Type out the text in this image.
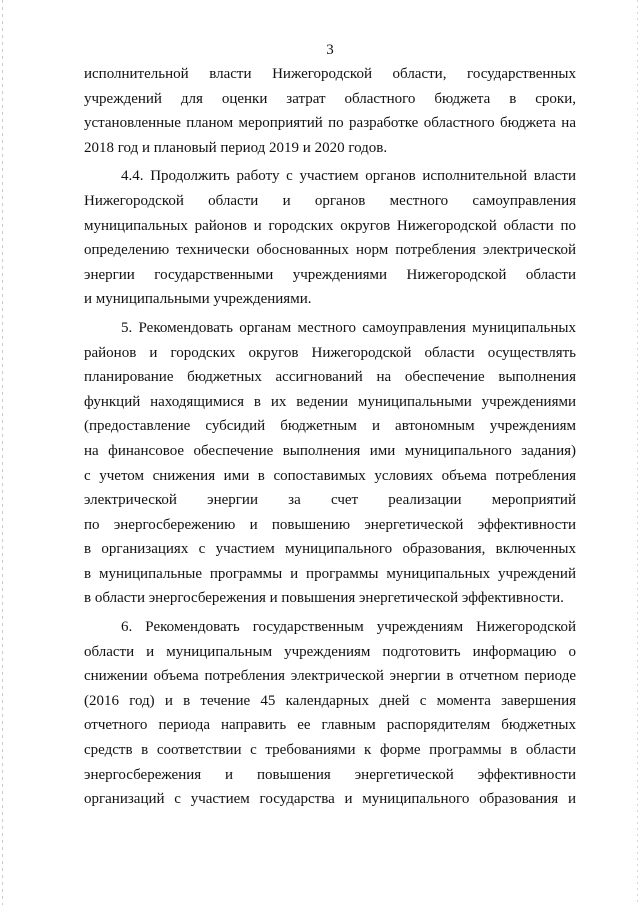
3
исполнительной власти Нижегородской области, государственных
учреждений для оценки затрат областного бюджета в сроки,
установленные планом мероприятий по разработке областного бюджета на
2018 год и плановый период 2019 и 2020 годов.
4.4. Продолжить работу с участием органов исполнительной власти
Нижегородской области и органов местного самоуправления
муниципальных районов и городских округов Нижегородской области по
определению технически обоснованных норм потребления электрической
энергии государственными учреждениями Нижегородской области
и муниципальными учреждениями.
5. Рекомендовать органам местного самоуправления муниципальных
районов и городских округов Нижегородской области осуществлять
планирование бюджетных ассигнований на обеспечение выполнения
функций находящимися в их ведении муниципальными учреждениями
(предоставление субсидий бюджетным и автономным учреждениям
на финансовое обеспечение выполнения ими муниципального задания)
с учетом снижения ими в сопоставимых условиях объема потребления
электрической энергии за счет реализации мероприятий
по энергосбережению и повышению энергетической эффективности
в организациях с участием муниципального образования, включенных
в муниципальные программы и программы муниципальных учреждений
в области энергосбережения и повышения энергетической эффективности.
6. Рекомендовать государственным учреждениям Нижегородской
области и муниципальным учреждениям подготовить информацию о
снижении объема потребления электрической энергии в отчетном периоде
(2016 год) и в течение 45 календарных дней с момента завершения
отчетного периода направить ее главным распорядителям бюджетных
средств в соответствии с требованиями к форме программы в области
энергосбережения и повышения энергетической эффективности
организаций с участием государства и муниципального образования и
